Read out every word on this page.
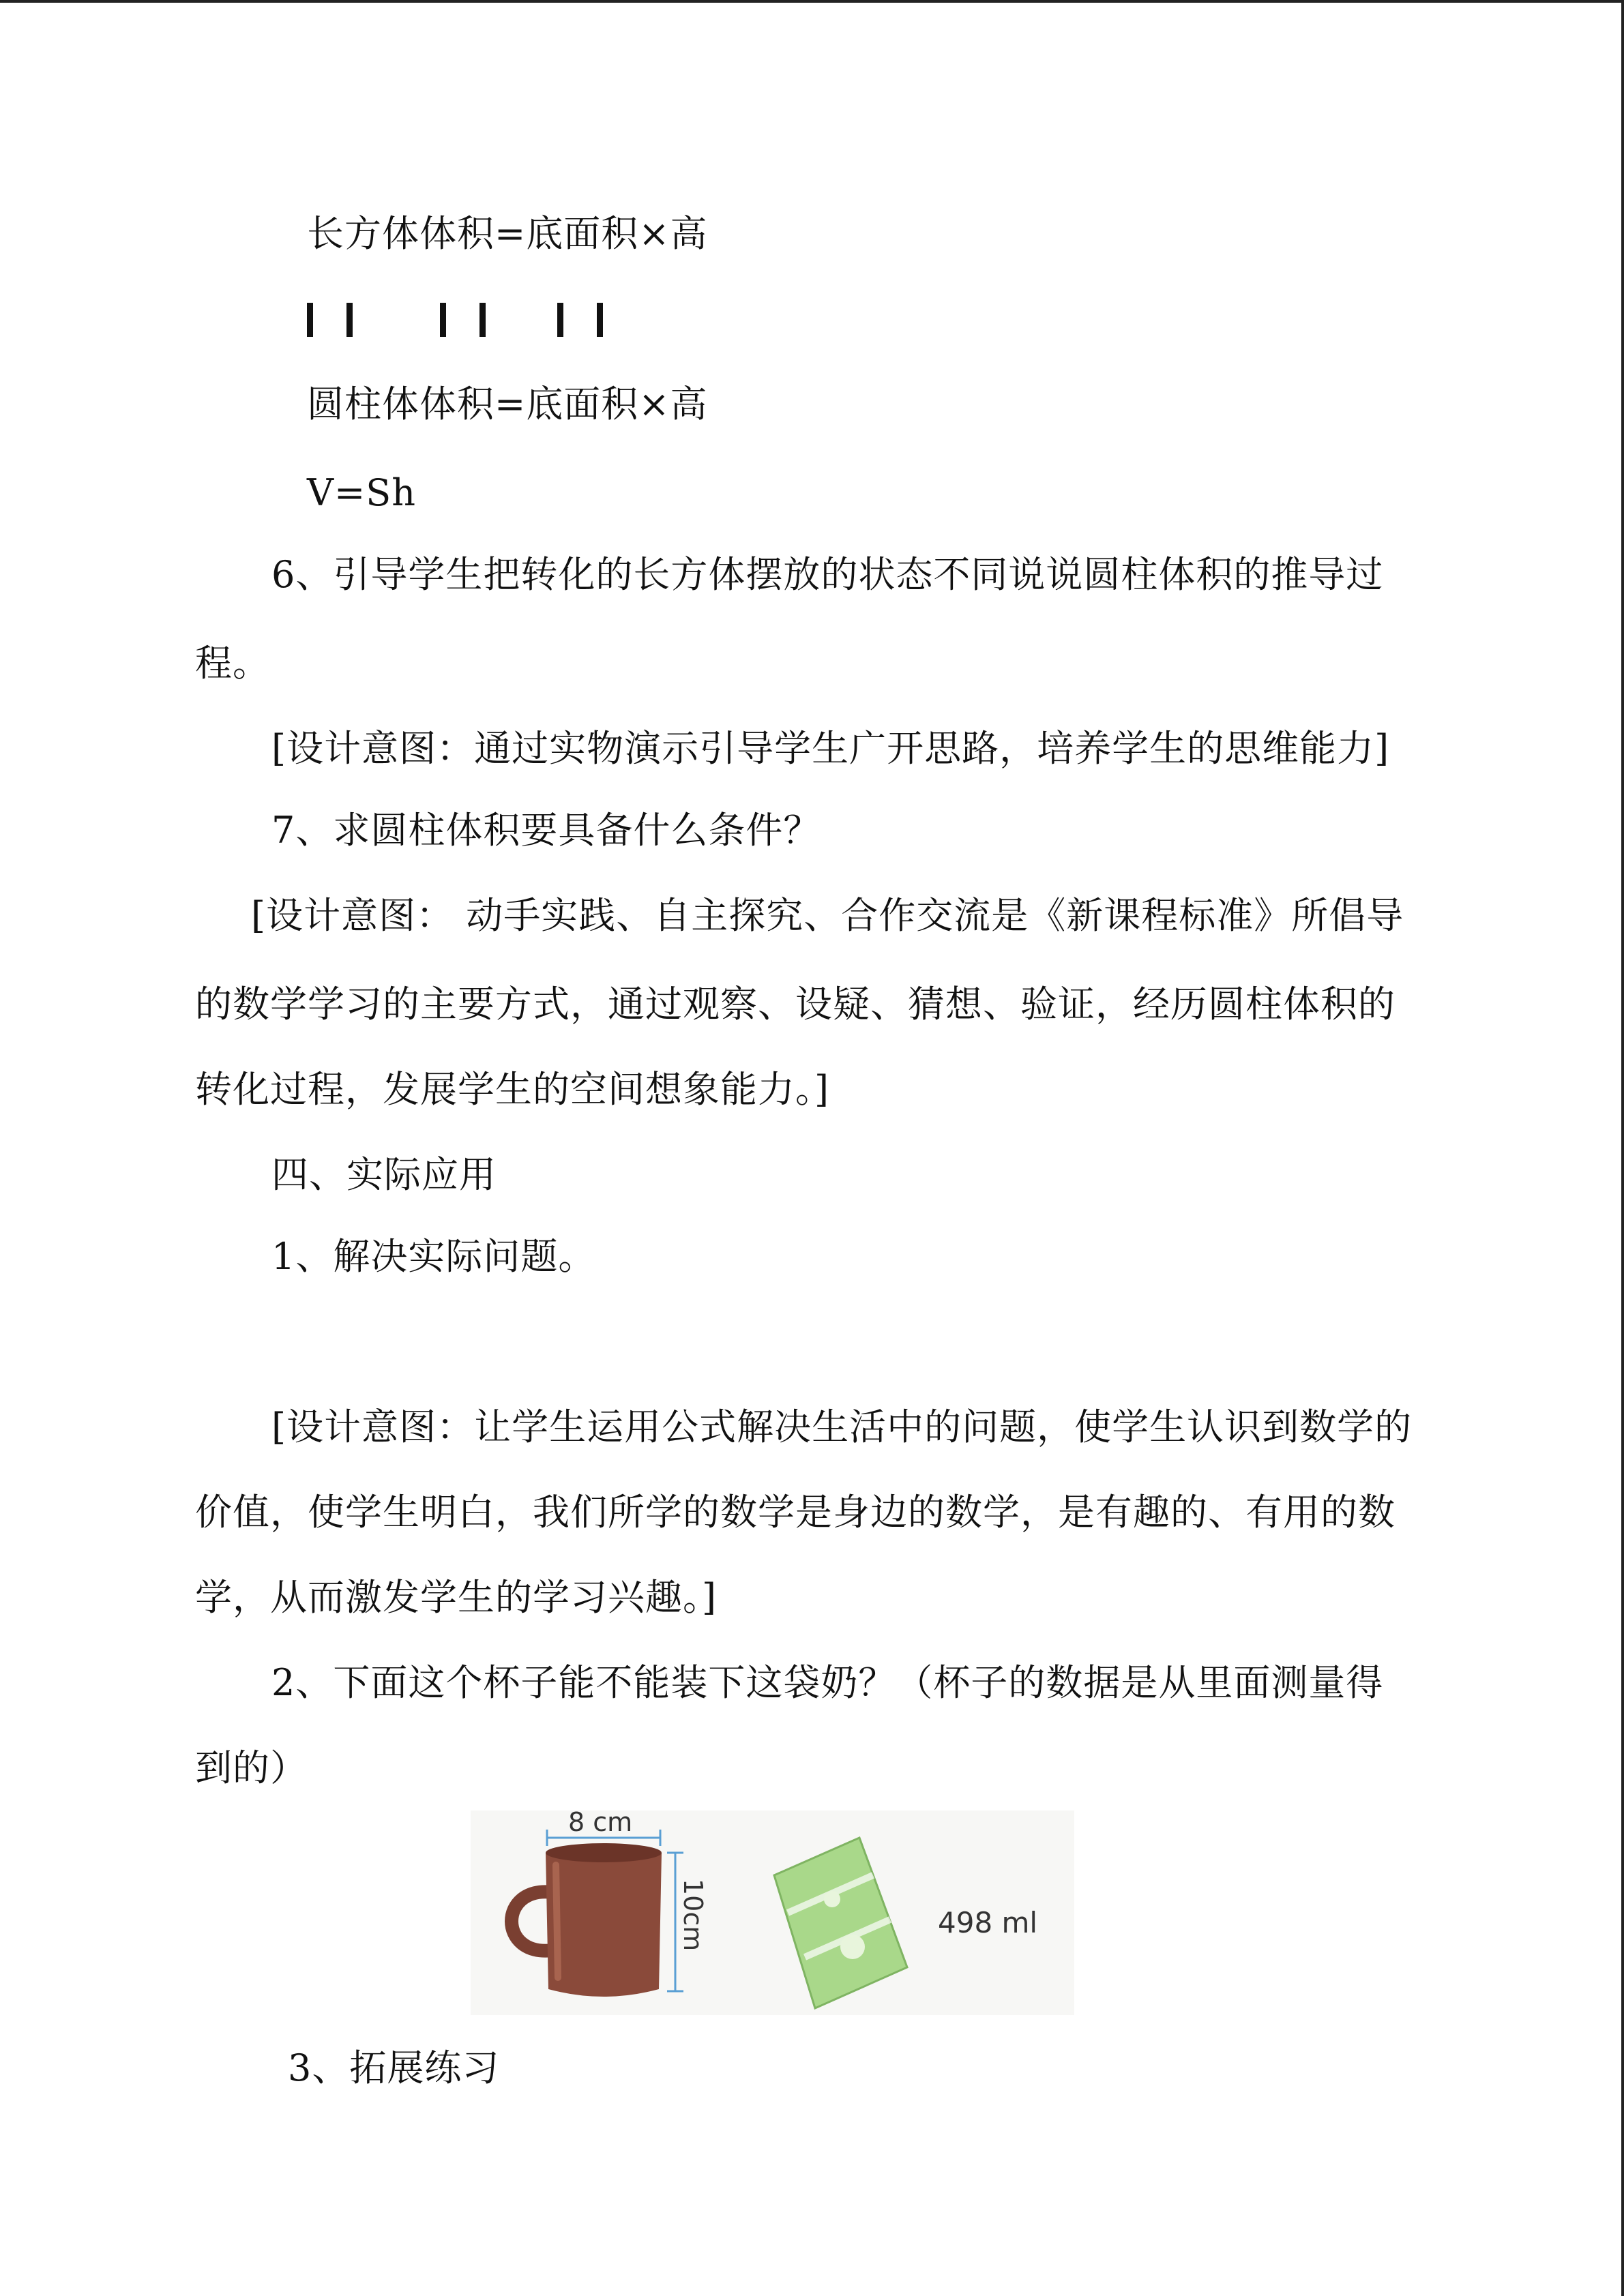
长方体体积=底面积×高
圆柱体体积=底面积×高
V=Sh
6、引导学生把转化的长方体摆放的状态不同说说圆柱体积的推导过
程。
[设计意图：通过实物演示引导学生广开思路，培养学生的思维能力]
7、求圆柱体积要具备什么条件？
[设计意图： 动手实践、自主探究、合作交流是《新课程标准》所倡导
的数学学习的主要方式，通过观察、设疑、猜想、验证，经历圆柱体积的
转化过程，发展学生的空间想象能力。]
四、实际应用
1、解决实际问题。
[设计意图：让学生运用公式解决生活中的问题，使学生认识到数学的
价值，使学生明白，我们所学的数学是身边的数学，是有趣的、有用的数
学，从而激发学生的学习兴趣。]
2、下面这个杯子能不能装下这袋奶？（杯子的数据是从里面测量得
到的）
8 cm
10cm	498 ml
3、拓展练习
